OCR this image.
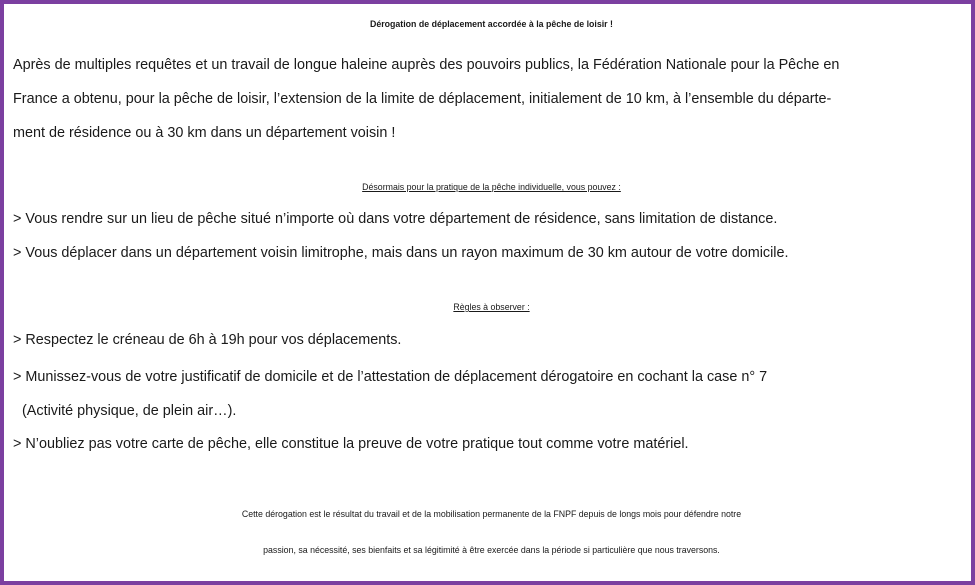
Dérogation de déplacement accordée à la pêche de loisir !

Après de multiples requêtes et un travail de longue haleine auprès des pouvoirs publics, la Fédération Nationale pour la Pêche en

France a obtenu, pour la pêche de loisir, l’extension de la limite de déplacement, initialement de 10 km, à l’ensemble du départe-

ment de résidence ou à 30 km dans un département voisin !

Désormais pour la pratique de la pêche individuelle, vous pouvez :

> Vous rendre sur un lieu de pêche situé n’importe où dans votre département de résidence, sans limitation de distance.

> Vous déplacer dans un département voisin limitrophe, mais dans un rayon maximum de 30 km autour de votre domicile.

Règles à observer :

> Respectez le créneau de 6h à 19h pour vos déplacements.

> Munissez-vous de votre justificatif de domicile et de l’attestation de déplacement dérogatoire en cochant la case n° 7

(Activité physique, de plein air…).

> N’oubliez pas votre carte de pêche, elle constitue la preuve de votre pratique tout comme votre matériel.

Cette dérogation est le résultat du travail et de la mobilisation permanente de la FNPF depuis de longs mois pour défendre notre

passion, sa nécessité, ses bienfaits et sa légitimité à être exercée dans la période si particulière que nous traversons.
